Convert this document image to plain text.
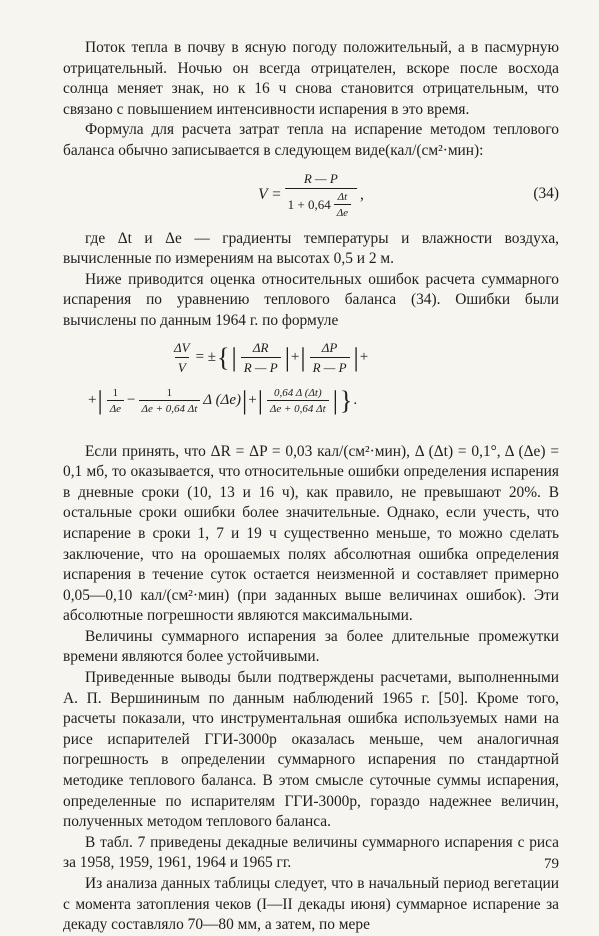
Поток тепла в почву в ясную погоду положительный, а в пасмурную отрицательный. Ночью он всегда отрицателен, вскоре после восхода солнца меняет знак, но к 16 ч снова становится отрицательным, что связано с повышением интенсивности испарения в это время.

Формула для расчета затрат тепла на испарение методом теплового баланса обычно записывается в следующем виде(кал/(см²·мин):

$V = \frac{R — P}{1 + 0,64 \frac{\Delta t}{\Delta e}}$ ,	(34)

где Δt и Δe — градиенты температуры и влажности воздуха, вычисленные по измерениям на высотах 0,5 и 2 м.

Ниже приводится оценка относительных ошибок расчета суммарного испарения по уравнению теплового баланса (34). Ошибки были вычислены по данным 1964 г. по формуле

$\frac{\Delta V}{V}$ = ± { | $\frac{\Delta R}{R — P}$ | + | $\frac{\Delta P}{R — P}$ | +
+ | $\frac{1}{\Delta e} - \frac{1}{\Delta e + 0,64 \Delta t}$ Δ (Δe) | + | $\frac{0,64 \Delta (\Delta t)}{\Delta e + 0,64 \Delta t}$ | } .

Если принять, что ΔR = ΔP = 0,03 кал/(см²·мин), Δ (Δt) = 0,1°, Δ (Δe) = 0,1 мб, то оказывается, что относительные ошибки определения испарения в дневные сроки (10, 13 и 16 ч), как правило, не превышают 20%. В остальные сроки ошибки более значительные. Однако, если учесть, что испарение в сроки 1, 7 и 19 ч существенно меньше, то можно сделать заключение, что на орошаемых полях абсолютная ошибка определения испарения в течение суток остается неизменной и составляет примерно 0,05—0,10 кал/(см²·мин) (при заданных выше величинах ошибок). Эти абсолютные погрешности являются максимальными.

Величины суммарного испарения за более длительные промежутки времени являются более устойчивыми.

Приведенные выводы были подтверждены расчетами, выполненными А. П. Вершининым по данным наблюдений 1965 г. [50]. Кроме того, расчеты показали, что инструментальная ошибка используемых нами на рисе испарителей ГГИ-3000р оказалась меньше, чем аналогичная погрешность в определении суммарного испарения по стандартной методике теплового баланса. В этом смысле суточные суммы испарения, определенные по испарителям ГГИ-3000р, гораздо надежнее величин, полученных методом теплового баланса.

В табл. 7 приведены декадные величины суммарного испарения с риса за 1958, 1959, 1961, 1964 и 1965 гг.

Из анализа данных таблицы следует, что в начальный период вегетации с момента затопления чеков (I—II декады июня) суммарное испарение за декаду составляло 70—80 мм, а затем, по мере

79
